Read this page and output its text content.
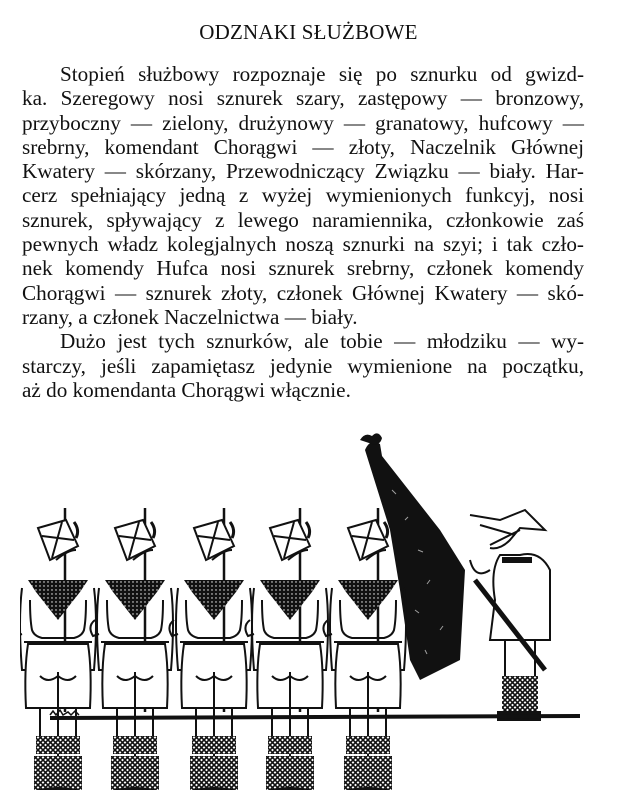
ODZNAKI SŁUŻBOWE
Stopień służbowy rozpoznaje się po sznurku od gwizd-
ka. Szeregowy nosi sznurek szary, zastępowy — bronzowy,
przyboczny — zielony, drużynowy — granatowy, hufcowy —
srebrny, komendant Chorągwi — złoty, Naczelnik Głównej
Kwatery — skórzany, Przewodniczący Związku — biały. Har-
cerz spełniający jedną z wyżej wymienionych funkcyj, nosi
sznurek, spływający z lewego naramiennika, członkowie zaś
pewnych władz kolegjalnych noszą sznurki na szyi; i tak czło-
nek komendy Hufca nosi sznurek srebrny, członek komendy
Chorągwi — sznurek złoty, członek Głównej Kwatery — skó-
rzany, a członek Naczelnictwa — biały.
Dużo jest tych sznurków, ale tobie — młodziku — wy-
starczy, jeśli zapamiętasz jedynie wymienione na początku,
aż do komendanta Chorągwi włącznie.
